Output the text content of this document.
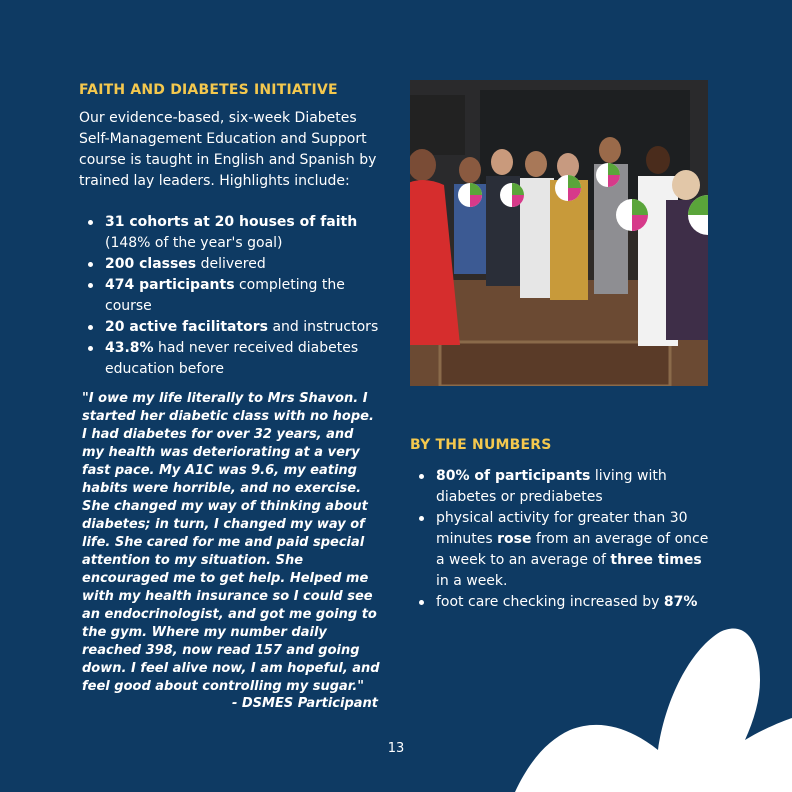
FAITH AND DIABETES INITIATIVE

Our evidence-based, six-week Diabetes Self-Management Education and Support course is taught in English and Spanish by trained lay leaders. Highlights include:

31 cohorts at 20 houses of faith (148% of the year's goal)
200 classes delivered
474 participants completing the course
20 active facilitators and instructors
43.8% had never received diabetes education before

"I owe my life literally to Mrs Shavon. I started her diabetic class with no hope. I had diabetes for over 32 years, and my health was deteriorating at a very fast pace. My A1C was 9.6, my eating habits were horrible, and no exercise. She changed my way of thinking about diabetes; in turn, I changed my way of life. She cared for me and paid special attention to my situation. She encouraged me to get help. Helped me with my health insurance so I could see an endocrinologist, and got me going to the gym. Where my number daily reached 398, now read 157 and going down. I feel alive now, I am hopeful, and feel good about controlling my sugar."

- DSMES Participant
BY THE NUMBERS
80% of participants living with diabetes or prediabetes
physical activity for greater than 30 minutes rose from an average of once a week to an average of three times in a week.
foot care checking increased by 87%
13
